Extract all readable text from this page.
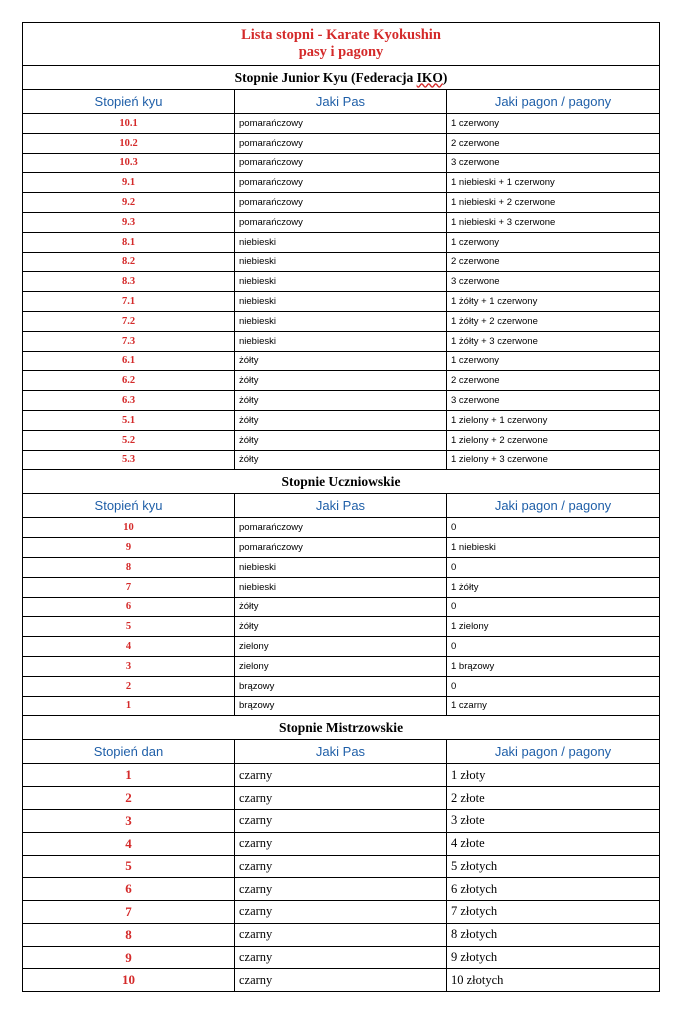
Lista stopni - Karate Kyokushin
pasy i pagony		

Stopnie Junior Kyu (Federacja IKO)		
Stopień kyu	Jaki Pas	Jaki pagon / pagony
10.1	pomarańczowy	1 czerwony
10.2	pomarańczowy	2 czerwone
10.3	pomarańczowy	3 czerwone
9.1	pomarańczowy	1 niebieski + 1 czerwony
9.2	pomarańczowy	1 niebieski + 2 czerwone
9.3	pomarańczowy	1 niebieski + 3 czerwone
8.1	niebieski	1 czerwony
8.2	niebieski	2 czerwone
8.3	niebieski	3 czerwone
7.1	niebieski	1 żółty + 1 czerwony
7.2	niebieski	1 żółty + 2 czerwone
7.3	niebieski	1 żółty + 3 czerwone
6.1	żółty	1 czerwony
6.2	żółty	2 czerwone
6.3	żółty	3 czerwone
5.1	żółty	1 zielony + 1 czerwony
5.2	żółty	1 zielony + 2 czerwone
5.3	żółty	1 zielony + 3 czerwone
Stopnie Uczniowskie		
Stopień kyu	Jaki Pas	Jaki pagon / pagony
10	pomarańczowy	0
9	pomarańczowy	1 niebieski
8	niebieski	0
7	niebieski	1 żółty
6	żółty	0
5	żółty	1 zielony
4	zielony	0
3	zielony	1 brązowy
2	brązowy	0
1	brązowy	1 czarny
Stopnie Mistrzowskie		
Stopień dan	Jaki Pas	Jaki pagon / pagony
1	czarny	1 złoty
2	czarny	2 złote
3	czarny	3 złote
4	czarny	4 złote
5	czarny	5 złotych
6	czarny	6 złotych
7	czarny	7 złotych
8	czarny	8 złotych
9	czarny	9 złotych
10	czarny	10 złotych
